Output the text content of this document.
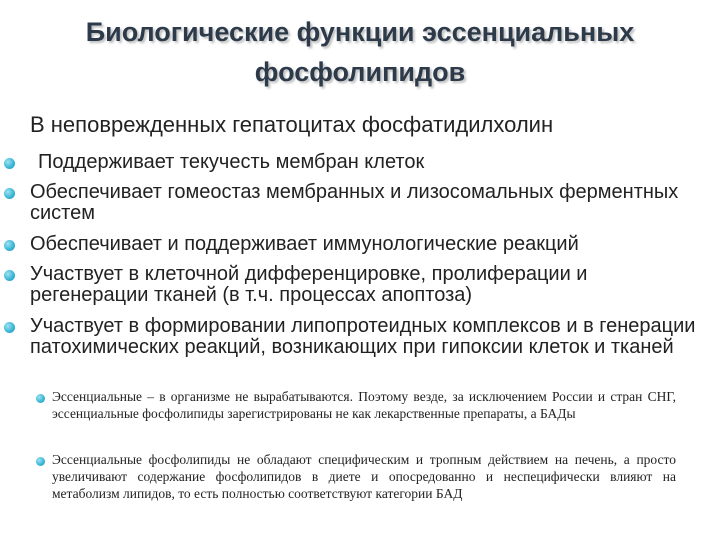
Биологические функции эссенциальных
фосфолипидов
В неповрежденных гепатоцитах фосфатидилхолин
Поддерживает текучесть мембран клеток
Обеспечивает гомеостаз мембранных и лизосомальных ферментных систем
Обеспечивает и поддерживает иммунологические реакций
Участвует в клеточной дифференцировке, пролиферации и регенерации тканей (в т.ч. процессах апоптоза)
Участвует в формировании липопротеидных комплексов и в генерации патохимических реакций, возникающих при гипоксии клеток и тканей
Эссенциальные – в организме не вырабатываются. Поэтому везде, за исключением России и стран СНГ, эссенциальные фосфолипиды зарегистрированы не как лекарственные препараты, а БАДы
Эссенциальные фосфолипиды не обладают специфическим и тропным действием на печень, а просто увеличивают содержание фосфолипидов в диете и опосредованно и неспецифически влияют на метаболизм липидов, то есть полностью соответствуют категории БАД
